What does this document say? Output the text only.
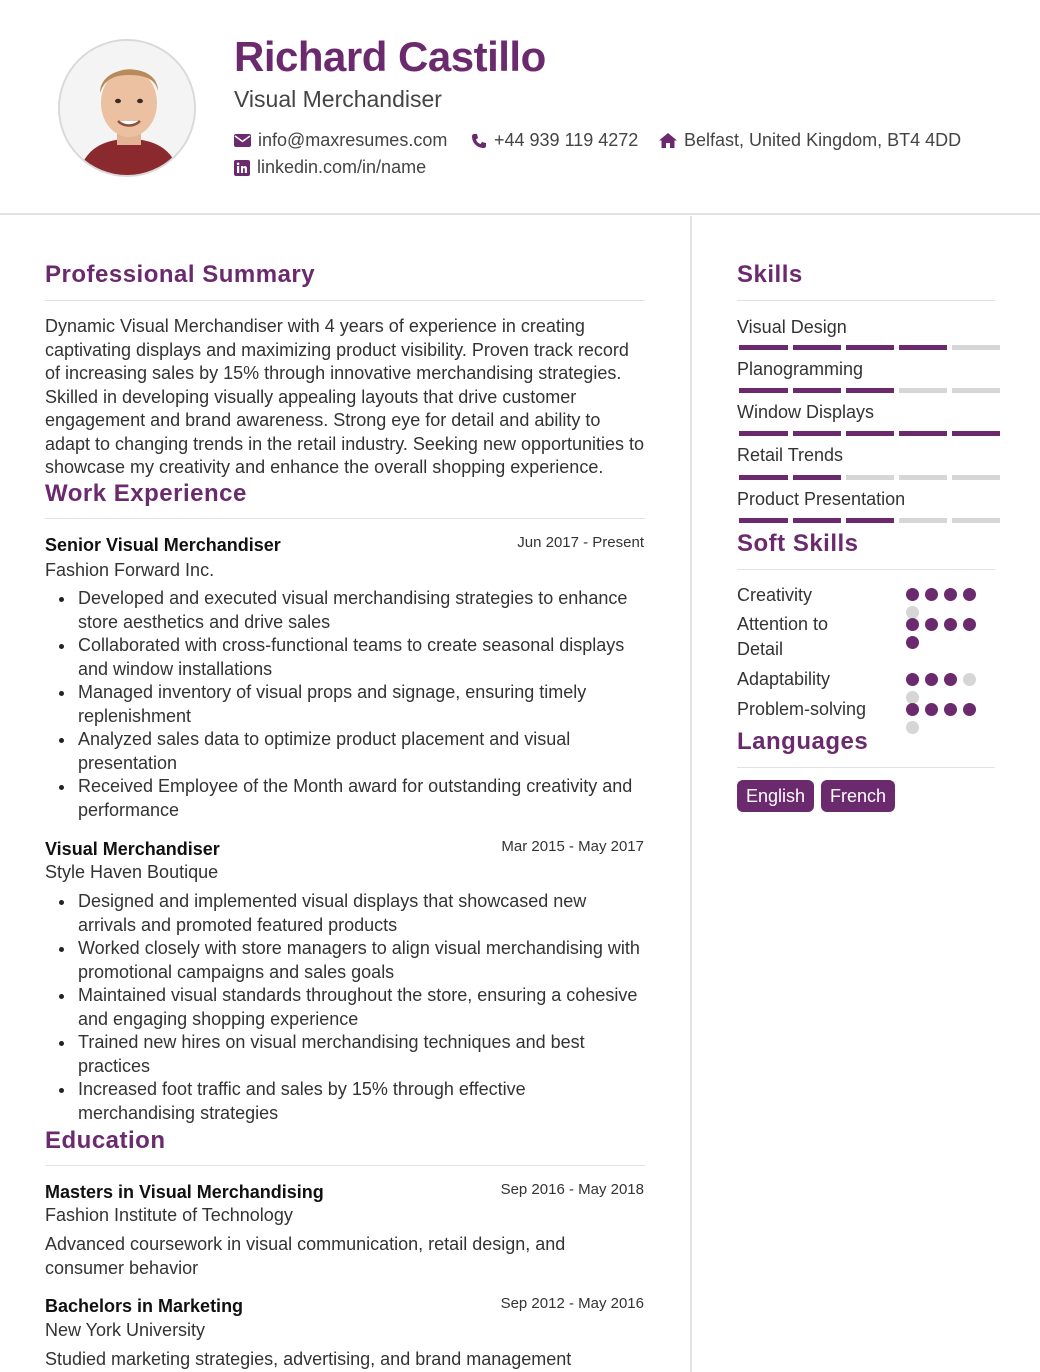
Richard Castillo
Visual Merchandiser
info@maxresumes.com	+44 939 119 4272	Belfast, United Kingdom, BT4 4DD
linkedin.com/in/name
Professional Summary
Dynamic Visual Merchandiser with 4 years of experience in creating captivating displays and maximizing product visibility. Proven track record of increasing sales by 15% through innovative merchandising strategies. Skilled in developing visually appealing layouts that drive customer engagement and brand awareness. Strong eye for detail and ability to adapt to changing trends in the retail industry. Seeking new opportunities to showcase my creativity and enhance the overall shopping experience.
Work Experience
Senior Visual Merchandiser	Jun 2017 - Present
Fashion Forward Inc.
Developed and executed visual merchandising strategies to enhance store aesthetics and drive sales
Collaborated with cross-functional teams to create seasonal displays and window installations
Managed inventory of visual props and signage, ensuring timely replenishment
Analyzed sales data to optimize product placement and visual presentation
Received Employee of the Month award for outstanding creativity and performance
Visual Merchandiser	Mar 2015 - May 2017
Style Haven Boutique
Designed and implemented visual displays that showcased new arrivals and promoted featured products
Worked closely with store managers to align visual merchandising with promotional campaigns and sales goals
Maintained visual standards throughout the store, ensuring a cohesive and engaging shopping experience
Trained new hires on visual merchandising techniques and best practices
Increased foot traffic and sales by 15% through effective merchandising strategies
Education
Masters in Visual Merchandising	Sep 2016 - May 2018
Fashion Institute of Technology
Advanced coursework in visual communication, retail design, and consumer behavior
Bachelors in Marketing	Sep 2012 - May 2016
New York University
Studied marketing strategies, advertising, and brand management
Skills
Visual Design
Planogramming
Window Displays
Retail Trends
Product Presentation
Soft Skills
Creativity
Attention to Detail
Adaptability
Problem-solving
Languages
English	French
